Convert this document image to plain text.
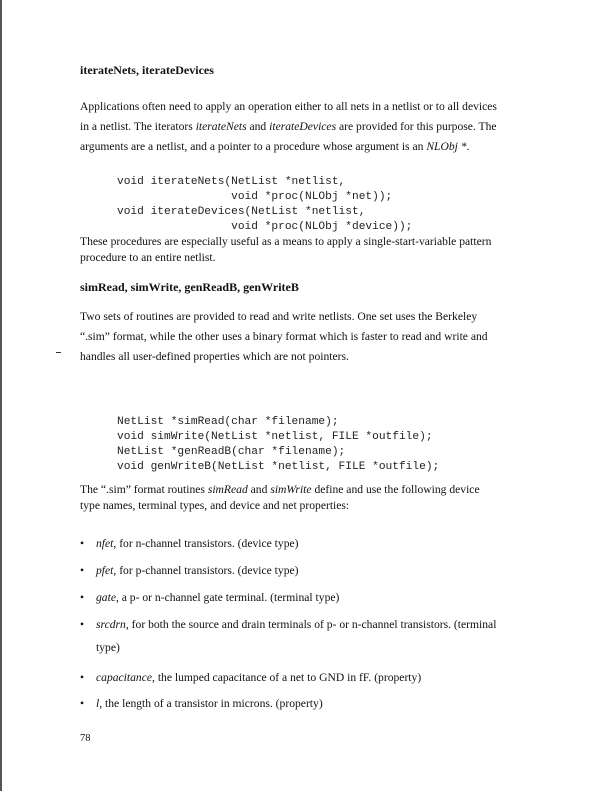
iterateNets, iterateDevices
Applications often need to apply an operation either to all nets in a netlist or to all devices
in a netlist. The iterators iterateNets and iterateDevices are provided for this purpose. The
arguments are a netlist, and a pointer to a procedure whose argument is an NLObj *.
void iterateNets(NetList *netlist,
void *proc(NLObj *net));
void iterateDevices(NetList *netlist,
void *proc(NLObj *device));
These procedures are especially useful as a means to apply a single-start-variable pattern
procedure to an entire netlist.
simRead, simWrite, genReadB, genWriteB
Two sets of routines are provided to read and write netlists. One set uses the Berkeley
“.sim” format, while the other uses a binary format which is faster to read and write and
handles all user-defined properties which are not pointers.
NetList *simRead(char *filename);
void simWrite(NetList *netlist, FILE *outfile);
NetList *genReadB(char *filename);
void genWriteB(NetList *netlist, FILE *outfile);
The “.sim” format routines simRead and simWrite define and use the following device
type names, terminal types, and device and net properties:
• nfet, for n-channel transistors. (device type)
• pfet, for p-channel transistors. (device type)
• gate, a p- or n-channel gate terminal. (terminal type)
• srcdrn, for both the source and drain terminals of p- or n-channel transistors. (terminal
type)
• capacitance, the lumped capacitance of a net to GND in fF. (property)
• l, the length of a transistor in microns. (property)
78
